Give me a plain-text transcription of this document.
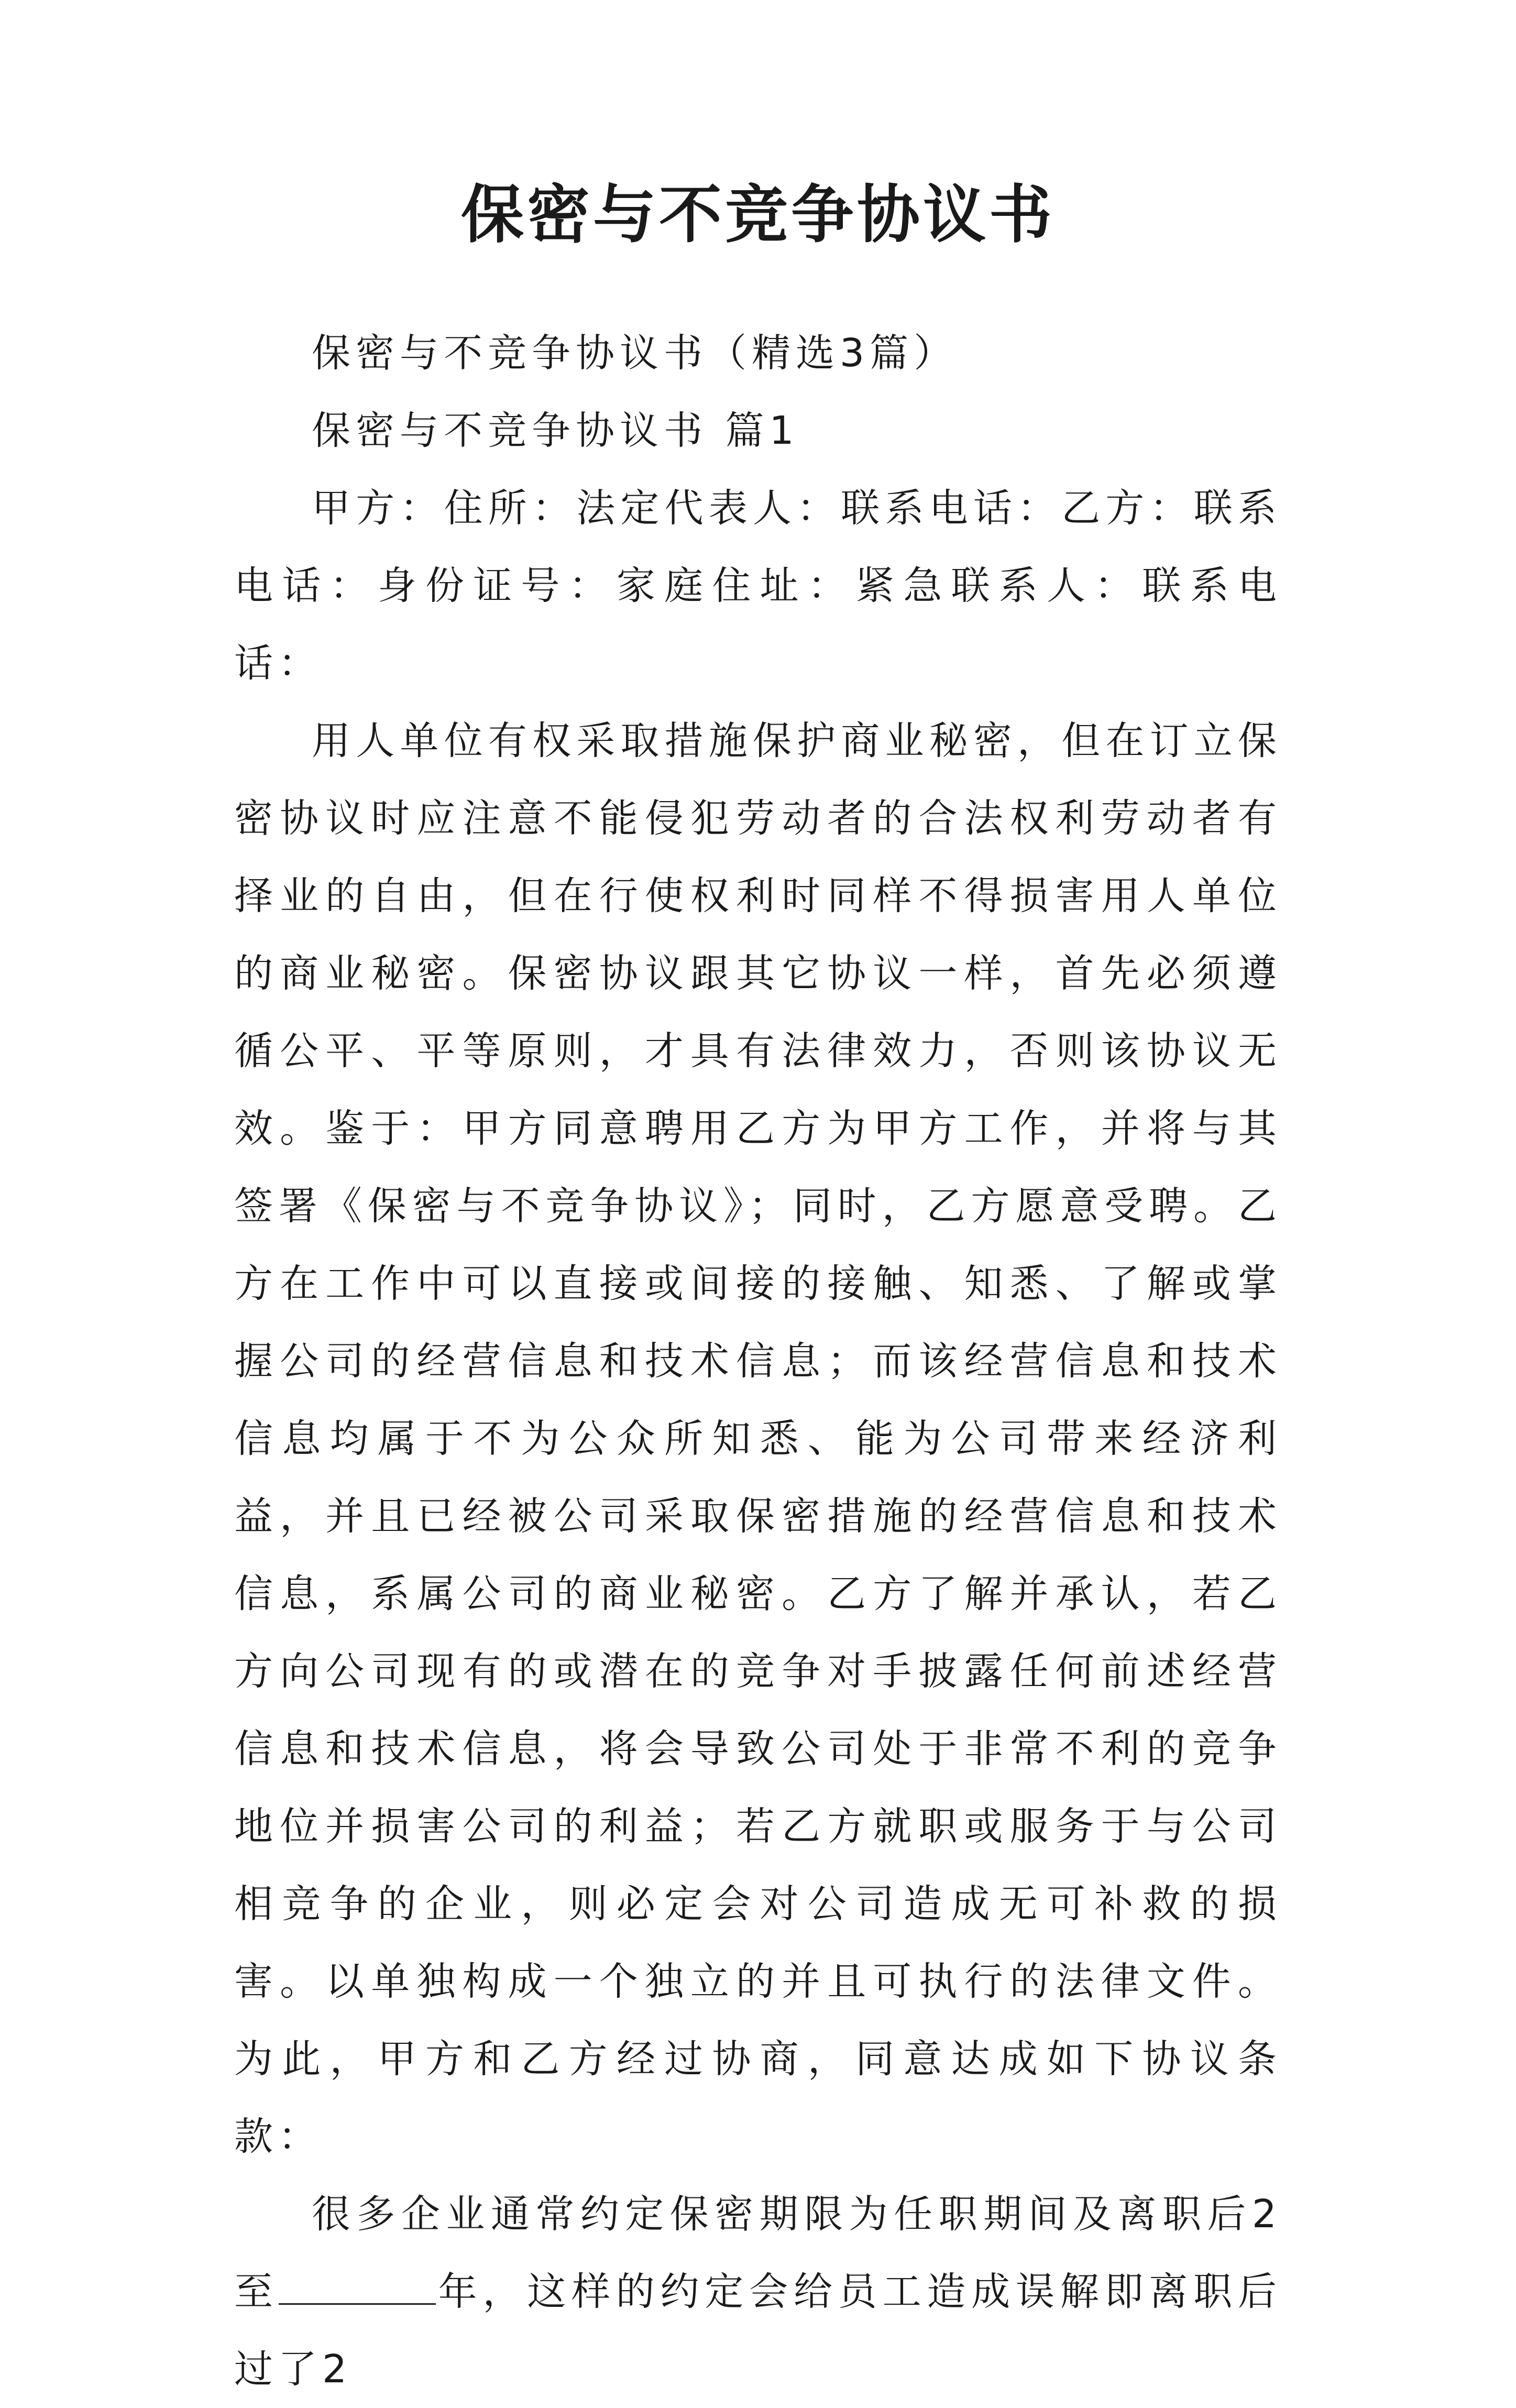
保密与不竞争协议书

保密与不竞争协议书（精选3篇）

保密与不竞争协议书 篇1

甲方：住所：法定代表人：联系电话：乙方：联系电话：身份证号：家庭住址：紧急联系人：联系电话：

用人单位有权采取措施保护商业秘密，但在订立保密协议时应注意不能侵犯劳动者的合法权利劳动者有择业的自由，但在行使权利时同样不得损害用人单位的商业秘密。保密协议跟其它协议一样，首先必须遵循公平、平等原则，才具有法律效力，否则该协议无效。鉴于：甲方同意聘用乙方为甲方工作，并将与其签署《保密与不竞争协议》；同时，乙方愿意受聘。乙方在工作中可以直接或间接的接触、知悉、了解或掌握公司的经营信息和技术信息；而该经营信息和技术信息均属于不为公众所知悉、能为公司带来经济利益，并且已经被公司采取保密措施的经营信息和技术信息，系属公司的商业秘密。乙方了解并承认，若乙方向公司现有的或潜在的竞争对手披露任何前述经营信息和技术信息，将会导致公司处于非常不利的竞争地位并损害公司的利益；若乙方就职或服务于与公司相竞争的企业，则必定会对公司造成无可补救的损害。以单独构成一个独立的并且可执行的法律文件。为此，甲方和乙方经过协商，同意达成如下协议条款：

很多企业通常约定保密期限为任职期间及离职后2至	年，这样的约定会给员工造成误解即离职后过了2
